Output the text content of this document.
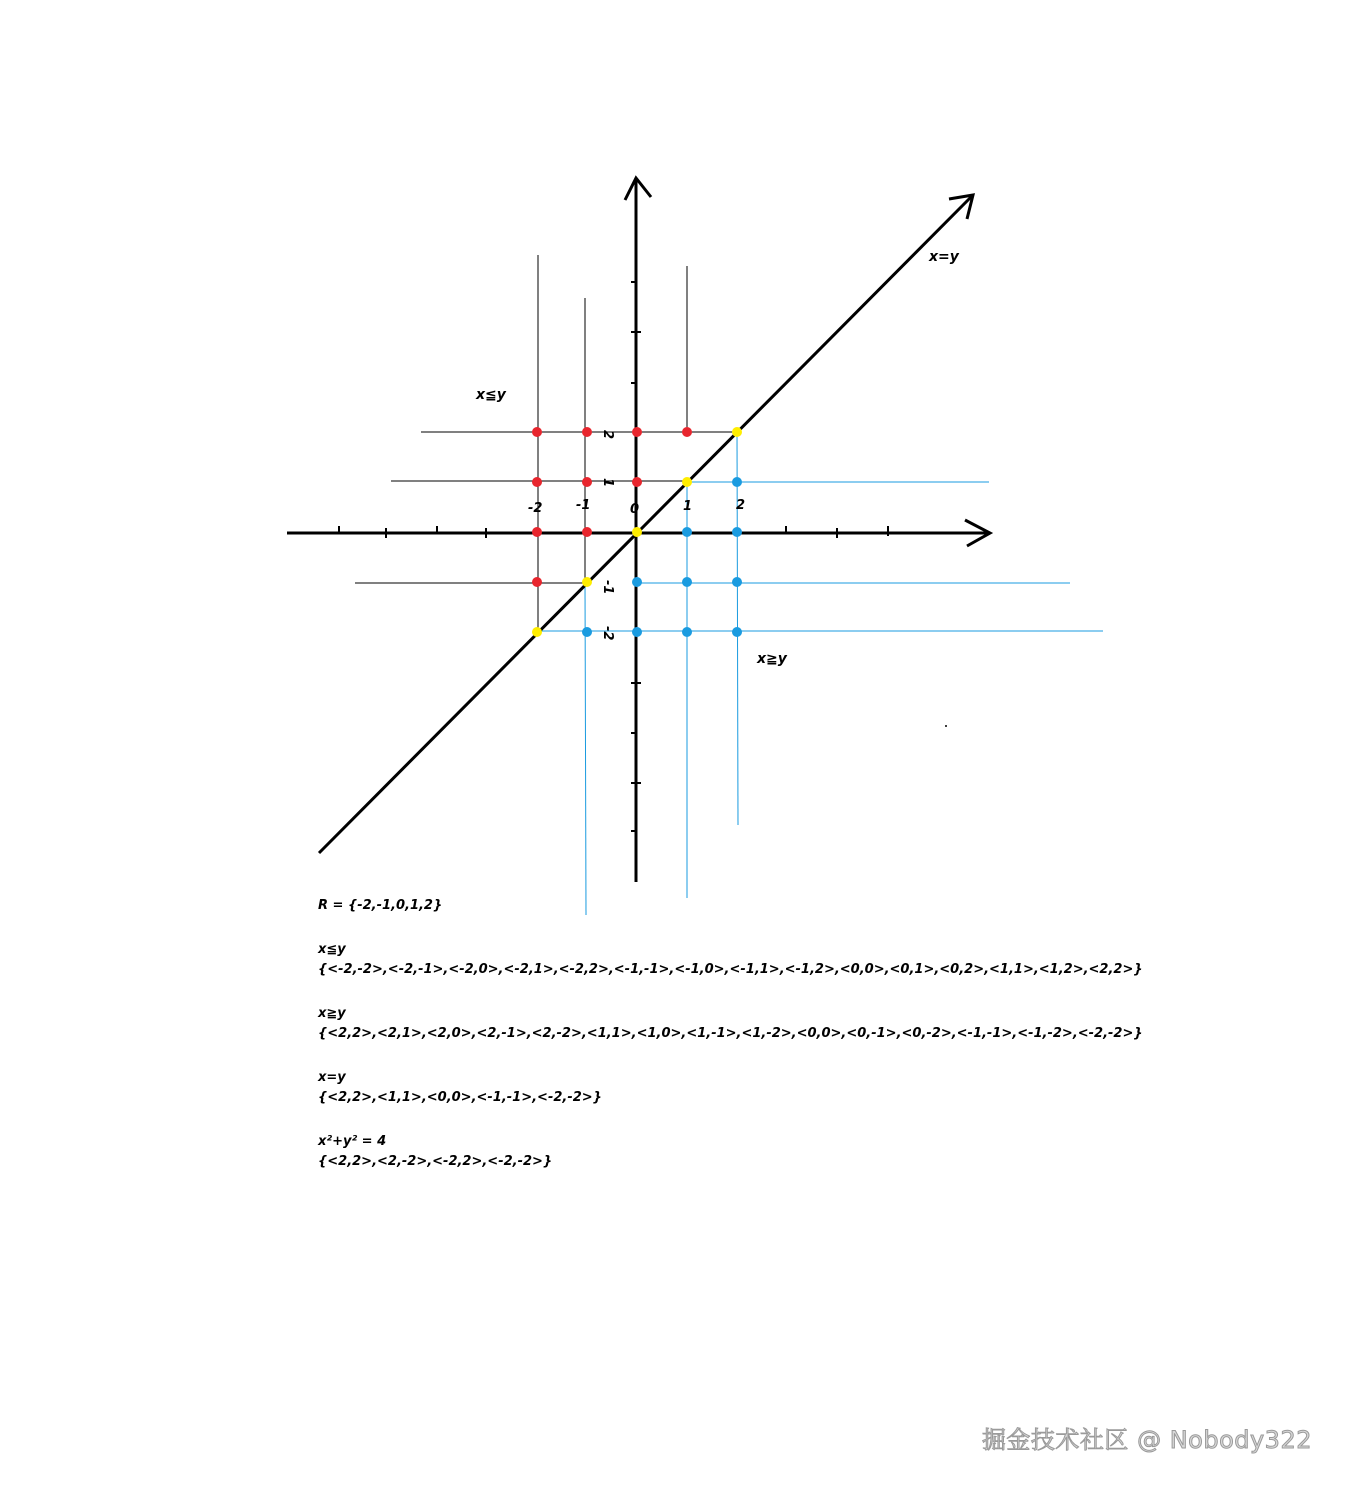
-2	-1	0	1	2
2
1
-1
-2
x=y
x≦y
x≧y
R = {-2,-1,0,1,2}
x≦y
{<-2,-2>,<-2,-1>,<-2,0>,<-2,1>,<-2,2>,<-1,-1>,<-1,0>,<-1,1>,<-1,2>,<0,0>,<0,1>,<0,2>,<1,1>,<1,2>,<2,2>}
x≧y
{<2,2>,<2,1>,<2,0>,<2,-1>,<2,-2>,<1,1>,<1,0>,<1,-1>,<1,-2>,<0,0>,<0,-1>,<0,-2>,<-1,-1>,<-1,-2>,<-2,-2>}
x=y
{<2,2>,<1,1>,<0,0>,<-1,-1>,<-2,-2>}
x²+y² = 4
{<2,2>,<2,-2>,<-2,2>,<-2,-2>}
掘金技术社区 @ Nobody322
